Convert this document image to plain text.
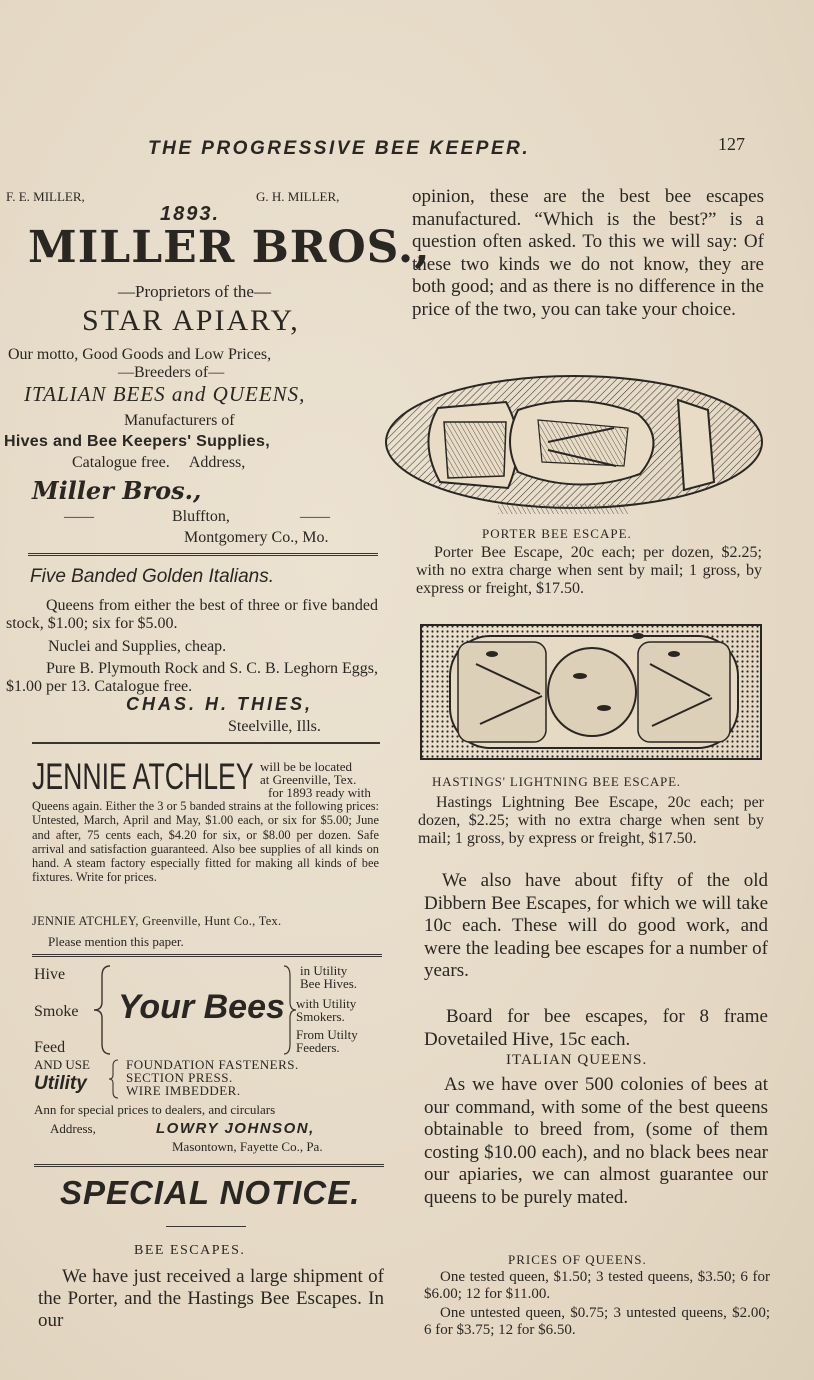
THE PROGRESSIVE BEE KEEPER.	127
F. E. MILLER,	G. H. MILLER,
1893.
MILLER BROS.,
—Proprietors of the—
STAR APIARY,
Our motto, Good Goods and Low Prices,
—Breeders of—
ITALIAN BEES and QUEENS,
Manufacturers of
Hives and Bee Keepers' Supplies,
Catalogue free.     Address,
Miller Bros.,
——	Bluffton,	——
Montgomery Co., Mo.
Five Banded Golden Italians.
Queens from either the best of three or five banded stock, $1.00; six for $5.00.
Nuclei and Supplies, cheap.
Pure B. Plymouth Rock and S. C. B. Leghorn Eggs, $1.00 per 13. Catalogue free.
CHAS. H. THIES,
Steelville, Ills.
JENNIE ATCHLEY will be be located
at Greenville, Tex.
for 1893 ready with
Queens again. Either the 3 or 5 banded strains at the following prices: Untested, March, April and May, $1.00 each, or six for $5.00; June and after, 75 cents each, $4.20 for six, or $8.00 per dozen. Safe arrival and satisfaction guaranteed. Also bee supplies of all kinds on hand. A steam factory especially fitted for making all kinds of bee fixtures. Write for prices.
JENNIE ATCHLEY, Greenville, Hunt Co., Tex.
Please mention this paper.
Hive
Smoke
Feed
Your Bees
in Utility
Bee Hives.
with Utility
Smokers.
From Utilty
Feeders.
AND USE
Utility
FOUNDATION FASTENERS.
SECTION PRESS.
WIRE IMBEDDER.
Ann for special prices to dealers, and circulars
Address,	LOWRY JOHNSON,
Masontown, Fayette Co., Pa.
SPECIAL NOTICE.
BEE ESCAPES.
We have just received a large shipment of the Porter, and the Hastings Bee Escapes. In our
opinion, these are the best bee escapes manufactured. “Which is the best?” is a question often asked. To this we will say: Of these two kinds we do not know, they are both good; and as there is no difference in the price of the two, you can take your choice.
PORTER BEE ESCAPE.
Porter Bee Escape, 20c each; per dozen, $2.25; with no extra charge when sent by mail; 1 gross, by express or freight, $17.50.
HASTINGS' LIGHTNING BEE ESCAPE.
Hastings Lightning Bee Escape, 20c each; per dozen, $2.25; with no extra charge when sent by mail; 1 gross, by express or freight, $17.50.
We also have about fifty of the old Dibbern Bee Escapes, for which we will take 10c each. These will do good work, and were the leading bee escapes for a number of years.
Board for bee escapes, for 8 frame Dovetailed Hive, 15c each.
ITALIAN QUEENS.
As we have over 500 colonies of bees at our command, with some of the best queens obtainable to breed from, (some of them costing $10.00 each), and no black bees near our apiaries, we can almost guarantee our queens to be purely mated.
PRICES OF QUEENS.
One tested queen, $1.50; 3 tested queens, $3.50; 6 for $6.00; 12 for $11.00.
One untested queen, $0.75; 3 untested queens, $2.00; 6 for $3.75; 12 for $6.50.
